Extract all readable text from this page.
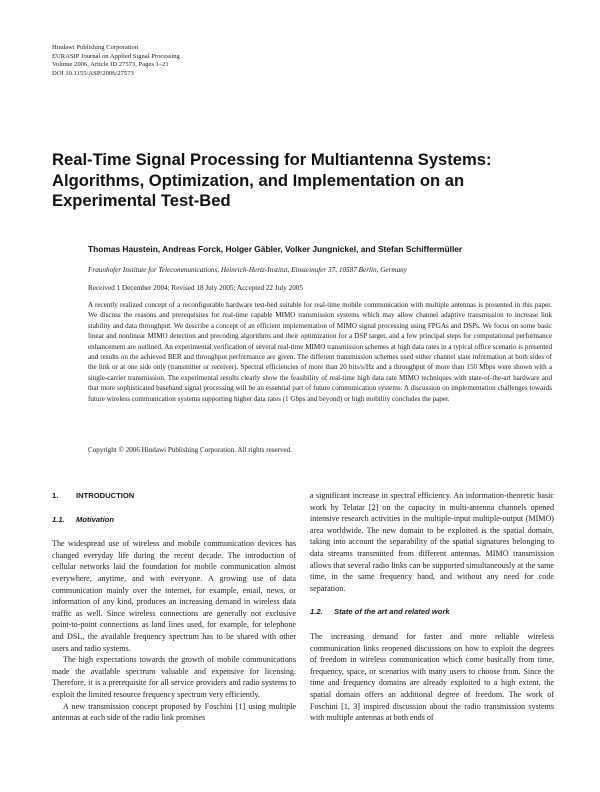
Hindawi Publishing Corporation
EURASIP Journal on Applied Signal Processing
Volume 2006, Article ID 27573, Pages 1–21
DOI 10.1155/ASP/2006/27573
Real-Time Signal Processing for Multiantenna Systems:
Algorithms, Optimization, and Implementation on an
Experimental Test-Bed
Thomas Haustein, Andreas Forck, Holger Gäbler, Volker Jungnickel, and Stefan Schiffermüller
Fraunhofer Institute for Telecommunications, Heinrich-Hertz-Institut, Einsteinufer 37, 10587 Berlin, Germany
Received 1 December 2004; Revised 18 July 2005; Accepted 22 July 2005
A recently realized concept of a reconfigurable hardware test-bed suitable for real-time mobile communication with multiple antennas is presented in this paper. We discuss the reasons and prerequisites for real-time capable MIMO transmission systems which may allow channel adaptive transmission to increase link stability and data throughput. We describe a concept of an efficient implementation of MIMO signal processing using FPGAs and DSPs. We focus on some basic linear and nonlinear MIMO detection and precoding algorithms and their optimization for a DSP target, and a few principal steps for computational performance enhancement are outlined. An experimental verification of several real-time MIMO transmission schemes at high data rates in a typical office scenario is presented and results on the achieved BER and throughput performance are given. The different transmission schemes used either channel state information at both sides of the link or at one side only (transmitter or receiver). Spectral efficiencies of more than 20 bits/s/Hz and a throughput of more than 150 Mbps were shown with a single-carrier transmission. The experimental results clearly show the feasibility of real-time high data rate MIMO techniques with state-of-the-art hardware and that more sophisticated baseband signal processing will be an essential part of future communication systems. A discussion on implementation challenges towards future wireless communication systems supporting higher data rates (1 Gbps and beyond) or high mobility concludes the paper.
Copyright © 2006 Hindawi Publishing Corporation. All rights reserved.
1. INTRODUCTION
1.1. Motivation

The widespread use of wireless and mobile communication devices has changed everyday life during the recent decade. The introduction of cellular networks laid the foundation for mobile communication almost everywhere, anytime, and with everyone. A growing use of data communication mainly over the internet, for example, email, news, or information of any kind, produces an increasing demand in wireless data traffic as well. Since wireless connections are generally not exclusive point-to-point connections as land lines used, for example, for telephone and DSL, the available frequency spectrum has to be shared with other users and radio systems.

The high expectations towards the growth of mobile communications made the available spectrum valuable and expensive for licensing. Therefore, it is a prerequisite for all service providers and radio systems to exploit the limited resource frequency spectrum very efficiently.

A new transmission concept proposed by Foschini [1] using multiple antennas at each side of the radio link promises

a significant increase in spectral efficiency. An information-theoretic basic work by Telatar [2] on the capacity in multi-antenna channels opened intensive research activities in the multiple-input multiple-output (MIMO) area worldwide. The new domain to be exploited is the spatial domain, taking into account the separability of the spatial signatures belonging to data streams transmitted from different antennas. MIMO transmission allows that several radio links can be supported simultaneously at the same time, in the same frequency band, and without any need for code separation.

1.2. State of the art and related work

The increasing demand for faster and more reliable wireless communication links reopened discussions on how to exploit the degrees of freedom in wireless communication which come basically from time, frequency, space, or scenarios with many users to choose from. Since the time and frequency domains are already exploited to a high extent, the spatial domain offers an additional degree of freedom. The work of Foschini [1, 3] inspired discussion about the radio transmission systems with multiple antennas at both ends of
